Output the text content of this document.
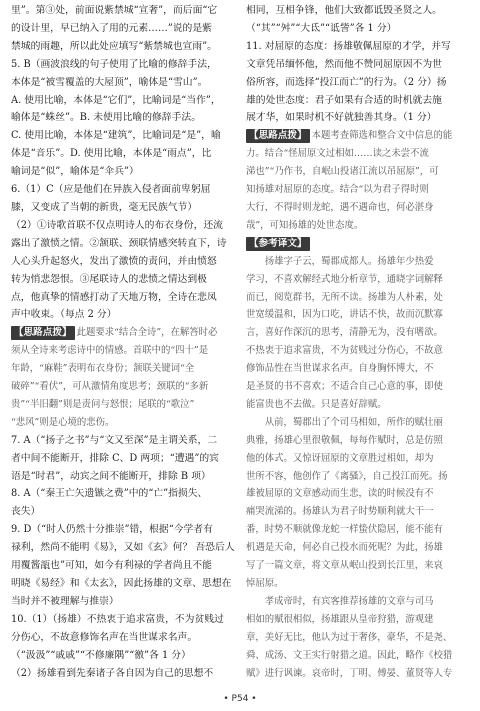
里”。第③处，前面说紫禁城“宣奢”，而后面“它

的设计里，早已纳入了用的元素……”说的是紫

禁城的雨趣，所以此处应填写“紫禁城也宣雨”。

5. B（画波浪线的句子使用了比喻的修辞手法，

本体是“被雪覆盖的大屋顶”，喻体是“雪山”。

A. 使用比喻，本体是“它们”，比喻词是“当作”，

喻体是“蛛丝”。B. 未使用比喻的修辞手法。

C. 使用比喻，本体是“建筑”，比喻词是“是”，喻

体是“音乐”。D. 使用比喻，本体是“雨点”，比

喻词是“似”，喻体是“伞兵”）

6.（1）C（应是他们在异族入侵者面前卑躬屈

膝，又变成了当朝的新贵，毫无民族气节）

（2）①诗歌首联不仅点明诗人的布衣身份，还流

露出了激愤之情。②颔联、颈联情感突转直下，诗

人心头升起怒火，发出了激愤的责问，并由愤怒

转为悄悲怨恨。③尾联诗人的悲愤之情达到极

点，他真挚的情感打动了天地万物，全诗在悲凤

声中收束。（每点 2 分）

【思路点拨】 此题要求“结合全诗”，在解答时必

须从全诗来考虑诗中的情感。首联中的“四十”是

年龄，“麻鞋”表明布衣身份；颔联关键词“全

破碎”“看伏”，可从激情角度思考；颈联的“多新

贵”“半旧翻”则是责问与怒恨；尾联的“歌泣”

“悲风”则是心境的悲伤。

7. A（“扬子之书”与“文又至深”是主谓关系，二

者中间不能断开，排除 C、D 两项；“遭遇”的宾

语是“时君”，动宾之间不能断开，排除 B 项）

8. A（“秦王亡矢遗镞之费”中的“亡”指损失、

丧失）

9. D（“时人仍然十分推崇”错，根据“今学者有

禄利，然尚不能明《易》，又如《玄》何？ 吾恐后人

用覆酱瓿也”可知，如今有利禄的学者尚且不能

明晓《易经》和《太玄》，因此扬雄的文章、思想在

当时并不被理解与推崇）

10.（1）（扬雄）不热衷于追求富贵，不为贫贱过

分伤心，不故意修饰名声在当世谋求名声。

（“汲汲”“戚戚”“不修廉隅”“徼”各 1 分）

（2）扬雄看到先秦诸子各自因为自己的思想不

相同，互相争锋，他们大致都诋毁圣贤之人。

（“其”“舛”“大氐”“诋訾”各 1 分）

11. 对屈原的态度：扬雄敬佩屈原的才学，并写

文章凭吊缅怀他，然而他不赞同屈原因不为世

俗所容，而选择“投江而亡”的行为。（2 分）扬

雄的处世态度：君子如果有合适的时机就去施

展才华，如果时机不好就独善其身。（1 分）

【思路点拨】 本题考查筛选和整合文中信息的能

力。结合“怪屈原文过相如……读之未尝不流

涕也”“乃作书，自岷山投诸江流以吊屈原”，可

知扬雄对屈原的态度。结合“以为君子得时则

大行，不得时则龙蛇，遇不遇命也，何必湛身

哉”，可知扬雄的处世态度。

【参考译文】

扬雄字子云，蜀郡成都人。扬雄年少热爱

学习，不喜欢解经式地分析章节，通晓字词解释

而已，阅览群书，无所不读。扬雄为人朴素，处

世宽缓温和，因为口吃，讲话不快，故而沉默寡

言，喜好作深沉的思考，清静无为，没有嗜欲。

不热衷于追求富贵，不为贫贱过分伤心，不故意

修饰品性在当世谋求名声。自身胸怀博大，不

是圣贤的书不喜欢；不适合自己心意的事，即使

能富贵也不去做。只是喜好辞赋。

从前，蜀郡出了个司马相如，所作的赋壮丽

典雅，扬雄心里很敬佩，每每作赋时，总是仿照

他的体式。又惊讶屈原的文章胜过相如，却为

世所不容，他创作了《离骚》，自己投江而死。扬

雄被屈原的文章感动而生悲，读的时候没有不

痛哭流涕的。扬雄认为君子时势顺利就大干一

番，时势不顺就像龙蛇一样蛰伏隐居，能不能有

机遇是天命，何必自己投水而死呢？为此，扬雄

写了一篇文章，将文章从岷山投到长江里，来哀

悼屈原。

孝成帝时，有宾客推荐扬雄的文章与司马

相如的赋很相似，扬雄跟从皇帝狩猎，游观建

章，美好无比，他认为过于奢侈，豪华，不是尧、

舜、成汤、文王实行射猎之道。因此，略作《校猎

赋》进行讽谏。哀帝时，丁明、傅晏、董贤等人专

• P54 •
